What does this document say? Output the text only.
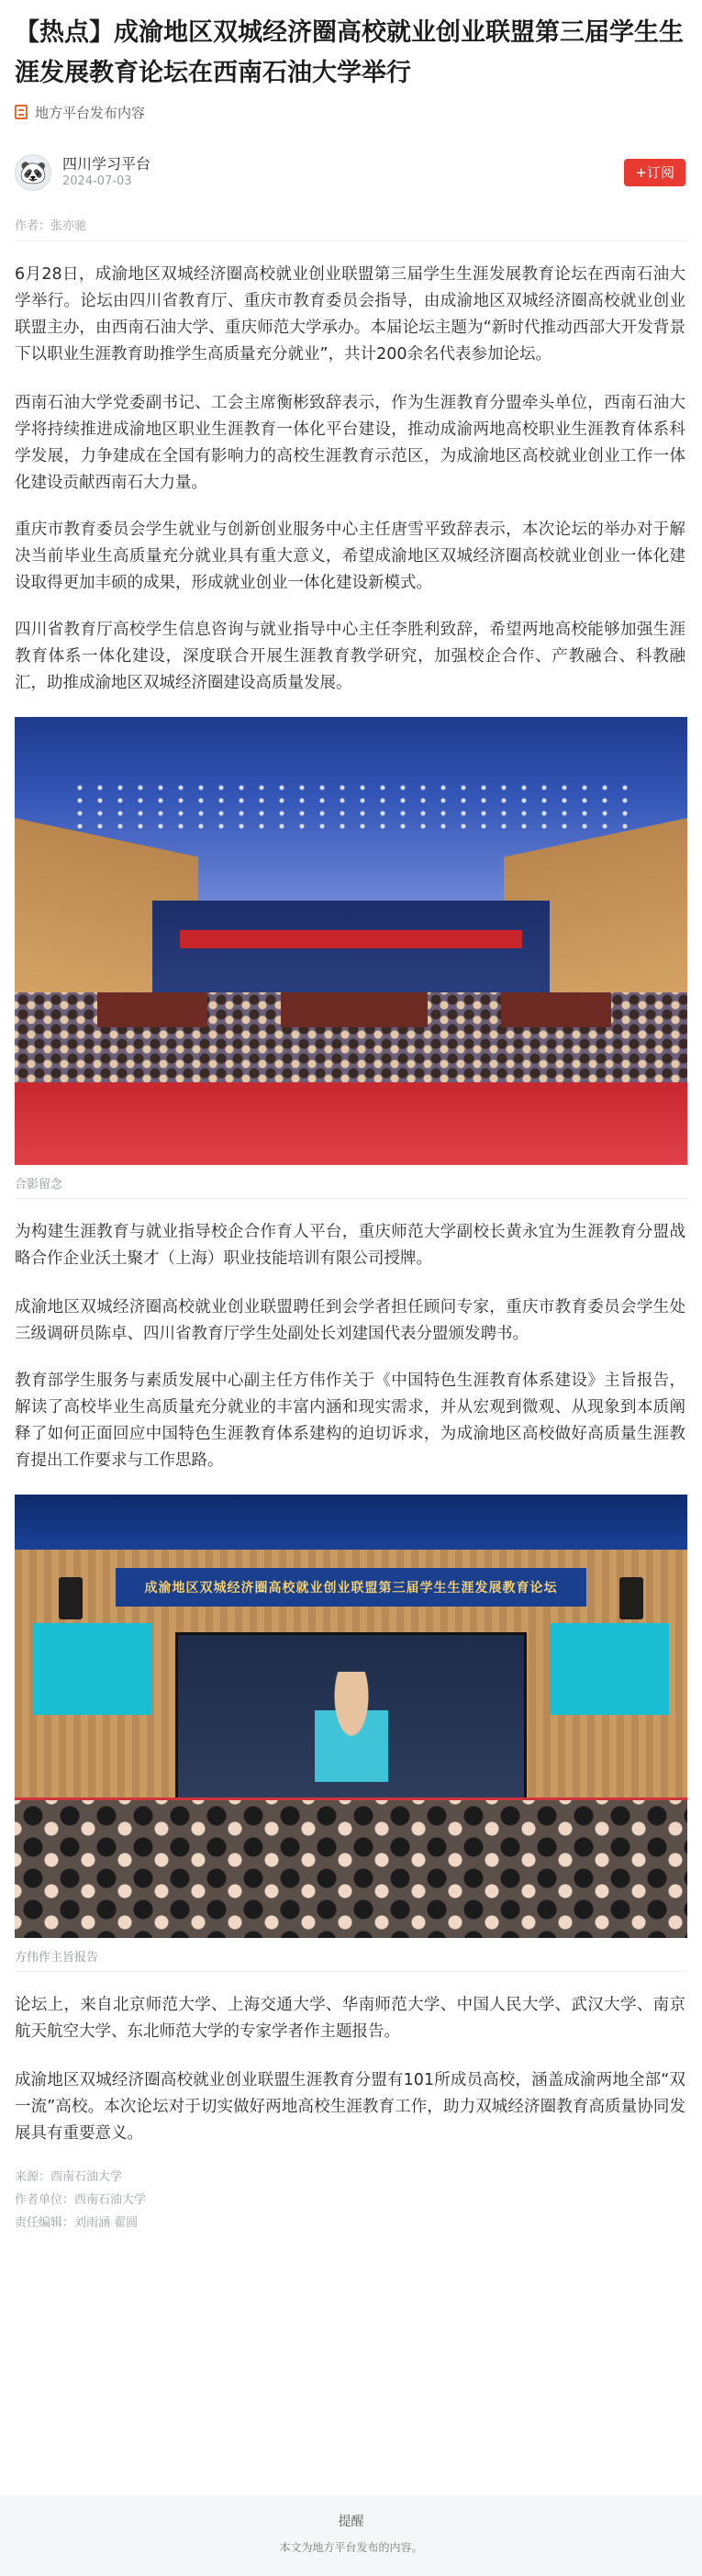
【热点】成渝地区双城经济圈高校就业创业联盟第三届学生生涯发展教育论坛在西南石油大学举行
地方平台发布内容
🐼 四川学习平台
2024-07-03
+订阅
作者：张亦驰

6月28日，成渝地区双城经济圈高校就业创业联盟第三届学生生涯发展教育论坛在西南石油大学举行。论坛由四川省教育厅、重庆市教育委员会指导，由成渝地区双城经济圈高校就业创业联盟主办，由西南石油大学、重庆师范大学承办。本届论坛主题为“新时代推动西部大开发背景下以职业生涯教育助推学生高质量充分就业”，共计200余名代表参加论坛。

西南石油大学党委副书记、工会主席衡彬致辞表示，作为生涯教育分盟牵头单位，西南石油大学将持续推进成渝地区职业生涯教育一体化平台建设，推动成渝两地高校职业生涯教育体系科学发展，力争建成在全国有影响力的高校生涯教育示范区，为成渝地区高校就业创业工作一体化建设贡献西南石大力量。

重庆市教育委员会学生就业与创新创业服务中心主任唐雪平致辞表示，本次论坛的举办对于解决当前毕业生高质量充分就业具有重大意义，希望成渝地区双城经济圈高校就业创业一体化建设取得更加丰硕的成果，形成就业创业一体化建设新模式。

四川省教育厅高校学生信息咨询与就业指导中心主任李胜利致辞，希望两地高校能够加强生涯教育体系一体化建设，深度联合开展生涯教育教学研究，加强校企合作、产教融合、科教融汇，助推成渝地区双城经济圈建设高质量发展。

合影留念

为构建生涯教育与就业指导校企合作育人平台，重庆师范大学副校长黄永宜为生涯教育分盟战略合作企业沃土聚才（上海）职业技能培训有限公司授牌。

成渝地区双城经济圈高校就业创业联盟聘任到会学者担任顾问专家，重庆市教育委员会学生处三级调研员陈卓、四川省教育厅学生处副处长刘建国代表分盟颁发聘书。

教育部学生服务与素质发展中心副主任方伟作关于《中国特色生涯教育体系建设》主旨报告，解读了高校毕业生高质量充分就业的丰富内涵和现实需求，并从宏观到微观、从现象到本质阐释了如何正面回应中国特色生涯教育体系建构的迫切诉求，为成渝地区高校做好高质量生涯教育提出工作要求与工作思路。

成渝地区双城经济圈高校就业创业联盟第三届学生生涯发展教育论坛
方伟作主旨报告

论坛上，来自北京师范大学、上海交通大学、华南师范大学、中国人民大学、武汉大学、南京航天航空大学、东北师范大学的专家学者作主题报告。

成渝地区双城经济圈高校就业创业联盟生涯教育分盟有101所成员高校，涵盖成渝两地全部“双一流”高校。本次论坛对于切实做好两地高校生涯教育工作，助力双城经济圈教育高质量协同发展具有重要意义。

来源：西南石油大学
作者单位：西南石油大学
责任编辑：刘雨涵 翟圆
提醒
本文为地方平台发布的内容。
